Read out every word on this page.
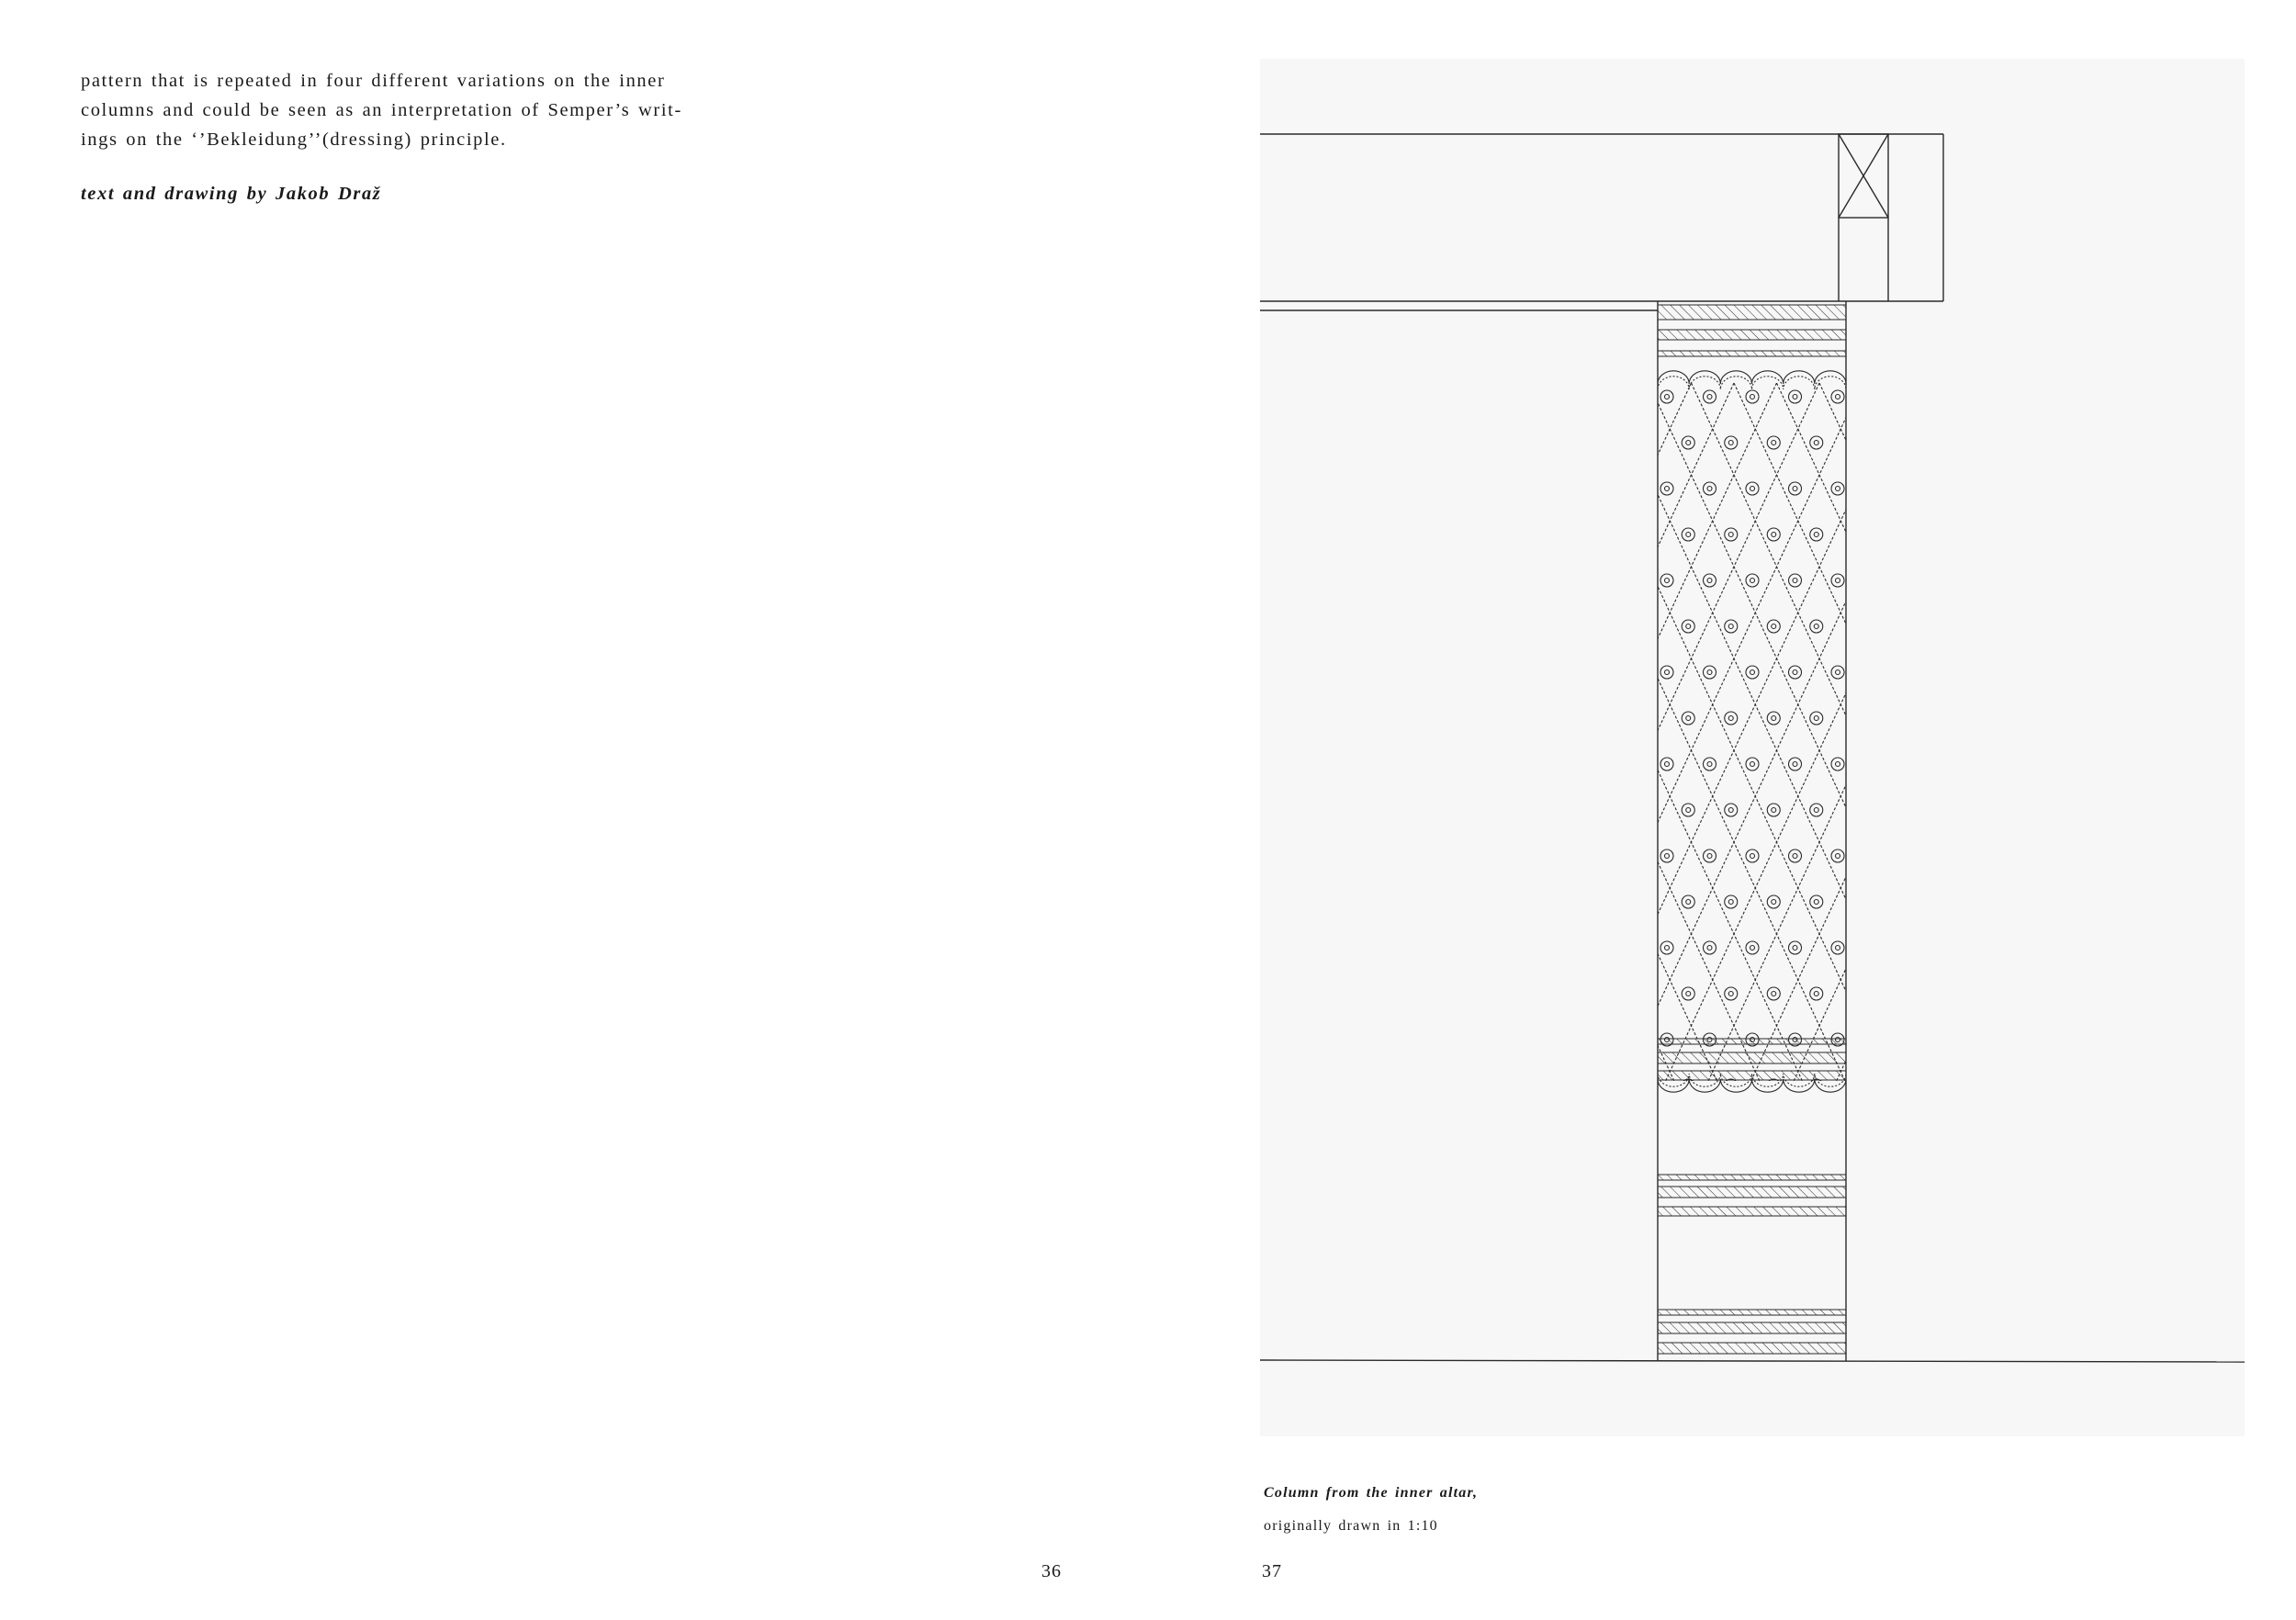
pattern that is repeated in four different variations on the inner

columns and could be seen as an interpretation of Semper’s writ-

ings on the ‘’Bekleidung’’(dressing) principle.

text and drawing by Jakob Draž
36
Column from the inner altar,
originally drawn in 1:10
37
